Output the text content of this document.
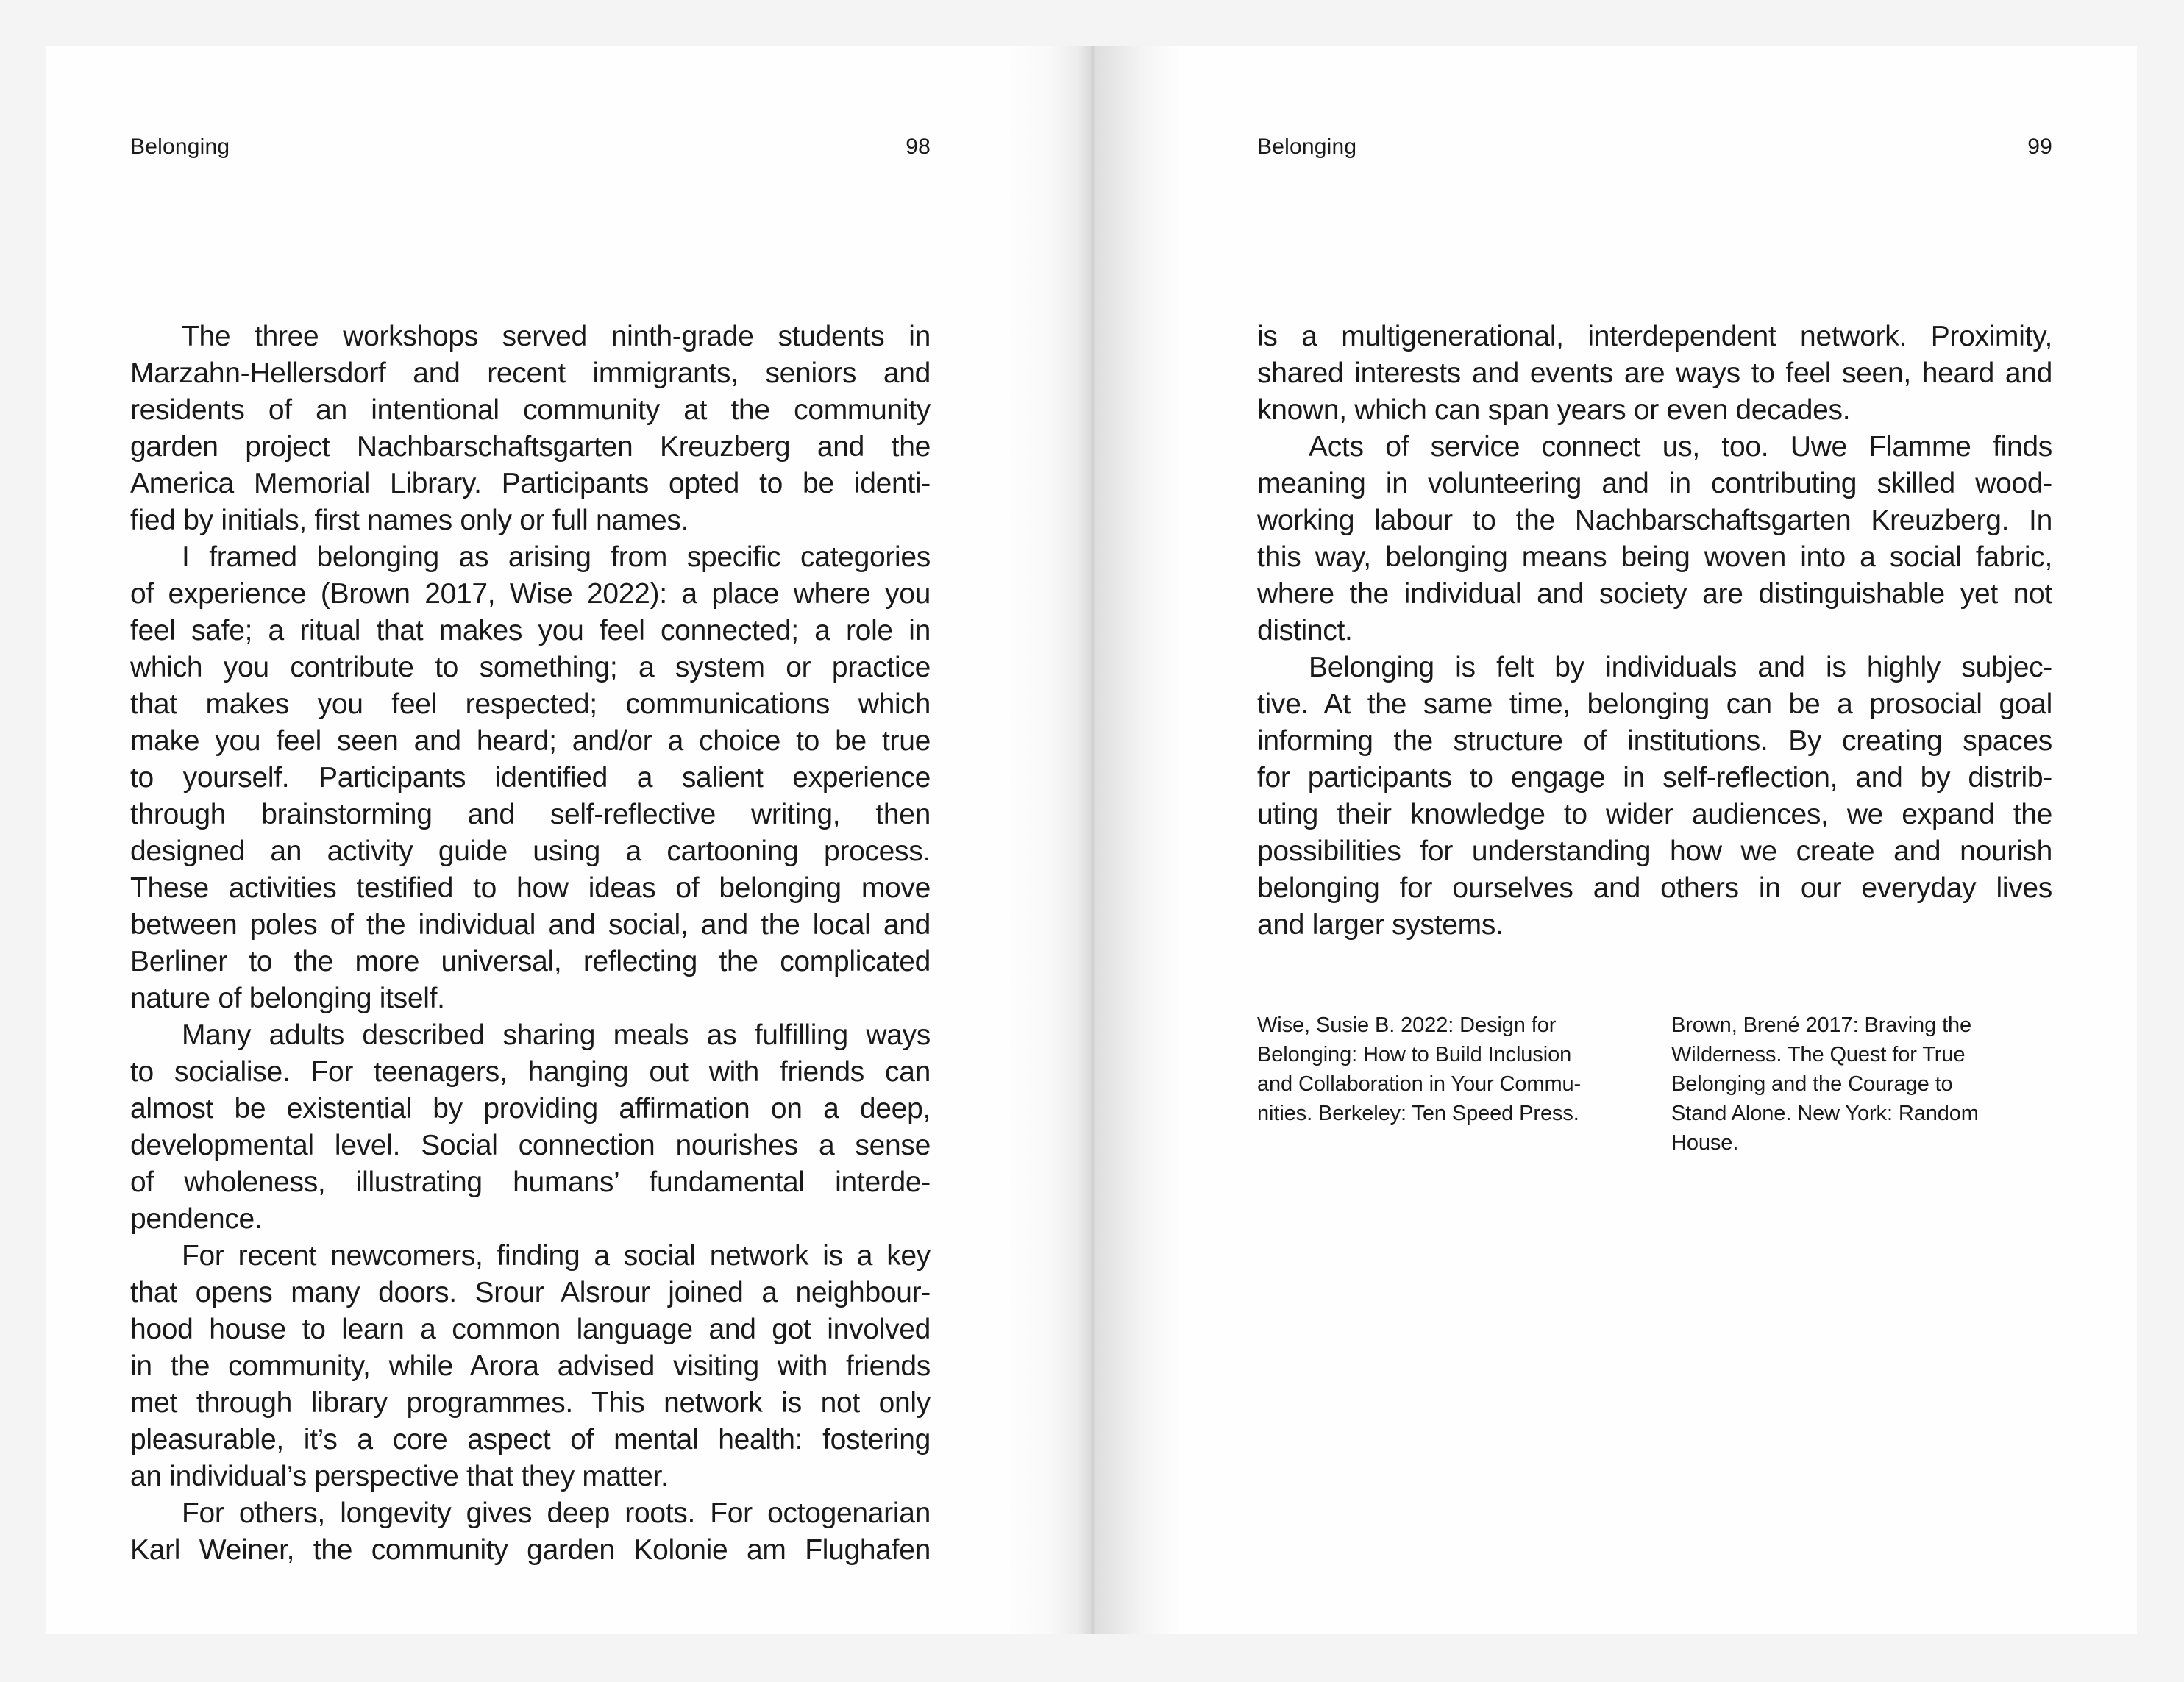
Belonging	98
The three workshops served ninth-grade students in
Marzahn-Hellersdorf and recent immigrants, seniors and
residents of an intentional community at the community
garden project Nachbarschaftsgarten Kreuzberg and the
America Memorial Library. Participants opted to be identi-
fied by initials, first names only or full names.
I framed belonging as arising from specific categories
of experience (Brown 2017, Wise 2022): a place where you
feel safe; a ritual that makes you feel connected; a role in
which you contribute to something; a system or practice
that makes you feel respected; communications which
make you feel seen and heard; and/or a choice to be true
to yourself. Participants identified a salient experience
through brainstorming and self-reflective writing, then
designed an activity guide using a cartooning process.
These activities testified to how ideas of belonging move
between poles of the individual and social, and the local and
Berliner to the more universal, reflecting the complicated
nature of belonging itself.
Many adults described sharing meals as fulfilling ways
to socialise. For teenagers, hanging out with friends can
almost be existential by providing affirmation on a deep,
developmental level. Social connection nourishes a sense
of wholeness, illustrating humans’ fundamental interde-
pendence.
For recent newcomers, finding a social network is a key
that opens many doors. Srour Alsrour joined a neighbour-
hood house to learn a common language and got involved
in the community, while Arora advised visiting with friends
met through library programmes. This network is not only
pleasurable, it’s a core aspect of mental health: fostering
an individual’s perspective that they matter.
For others, longevity gives deep roots. For octogenarian
Karl Weiner, the community garden Kolonie am Flughafen
Belonging	99
is a multigenerational, interdependent network. Proximity,
shared interests and events are ways to feel seen, heard and
known, which can span years or even decades.
Acts of service connect us, too. Uwe Flamme finds
meaning in volunteering and in contributing skilled wood-
working labour to the Nachbarschaftsgarten Kreuzberg. In
this way, belonging means being woven into a social fabric,
where the individual and society are distinguishable yet not
distinct.
Belonging is felt by individuals and is highly subjec-
tive. At the same time, belonging can be a prosocial goal
informing the structure of institutions. By creating spaces
for participants to engage in self-reflection, and by distrib-
uting their knowledge to wider audiences, we expand the
possibilities for understanding how we create and nourish
belonging for ourselves and others in our everyday lives
and larger systems.
Wise, Susie B. 2022: Design for
Belonging: How to Build Inclusion
and Collaboration in Your Commu-
nities. Berkeley: Ten Speed Press.
Brown, Brené 2017: Braving the
Wilderness. The Quest for True
Belonging and the Courage to
Stand Alone. New York: Random
House.
